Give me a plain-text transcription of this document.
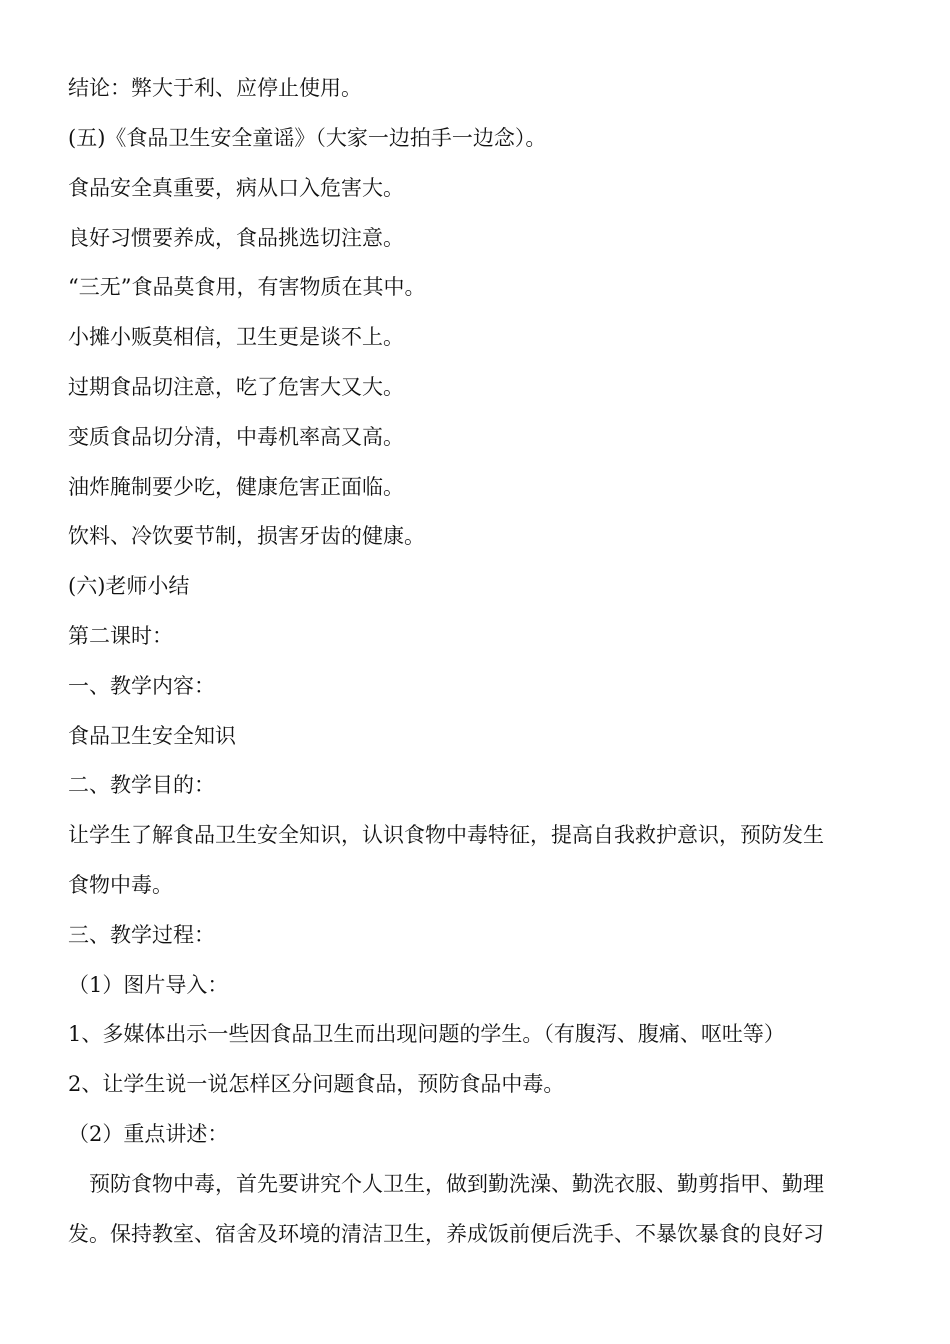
结论：弊大于利、应停止使用。
(五)《食品卫生安全童谣》（大家一边拍手一边念）。
食品安全真重要，病从口入危害大。
良好习惯要养成，食品挑选切注意。
“三无”食品莫食用，有害物质在其中。
小摊小贩莫相信，卫生更是谈不上。
过期食品切注意，吃了危害大又大。
变质食品切分清，中毒机率高又高。
油炸腌制要少吃，健康危害正面临。
饮料、冷饮要节制，损害牙齿的健康。
(六)老师小结
第二课时：
一、教学内容：
食品卫生安全知识
二、教学目的：
让学生了解食品卫生安全知识，认识食物中毒特征，提高自我救护意识，预防发生
食物中毒。
三、教学过程：
（1）图片导入：
1、多媒体出示一些因食品卫生而出现问题的学生。（有腹泻、腹痛、呕吐等）
2、让学生说一说怎样区分问题食品，预防食品中毒。
（2）重点讲述：
　预防食物中毒，首先要讲究个人卫生，做到勤洗澡、勤洗衣服、勤剪指甲、勤理
发。保持教室、宿舍及环境的清洁卫生，养成饭前便后洗手、不暴饮暴食的良好习
